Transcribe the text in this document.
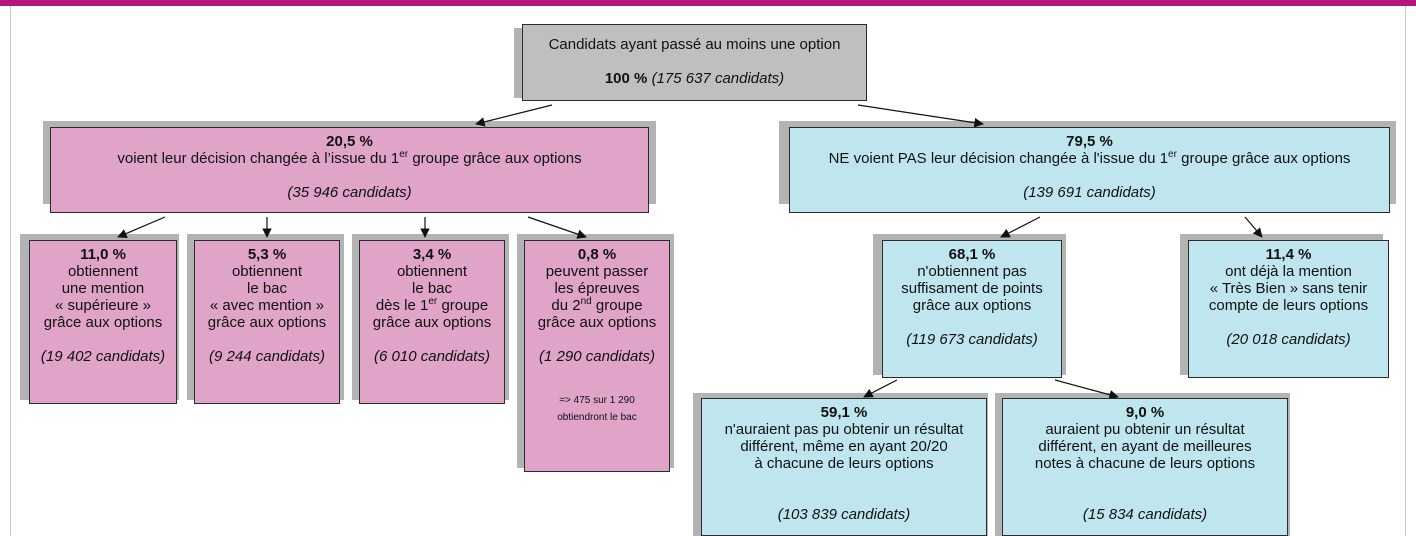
Candidats ayant passé au moins une option
100 % (175 637 candidats)
20,5 %
voient leur décision changée à l’issue du 1er groupe grâce aux options
(35 946 candidats)
79,5 %
NE voient PAS leur décision changée à l'issue du 1er groupe grâce aux options
(139 691 candidats)
11,0 %
obtiennent
une mention
« supérieure »
grâce aux options
(19 402 candidats)
5,3 %
obtiennent
le bac
« avec mention »
grâce aux options
(9 244 candidats)
3,4 %
obtiennent
le bac
dès le 1er groupe
grâce aux options
(6 010 candidats)
0,8 %
peuvent passer
les épreuves
du 2nd groupe
grâce aux options
(1 290 candidats)
=> 475 sur 1 290
obtiendront le bac
68,1 %
n'obtiennent pas
suffisament de points
grâce aux options
(119 673 candidats)
11,4 %
ont déjà la mention
« Très Bien » sans tenir
compte de leurs options
(20 018 candidats)
59,1 %
n'auraient pas pu obtenir un résultat
différent, même en ayant 20/20
à chacune de leurs options
(103 839 candidats)
9,0 %
auraient pu obtenir un résultat
différent, en ayant de meilleures
notes à chacune de leurs options
(15 834 candidats)
